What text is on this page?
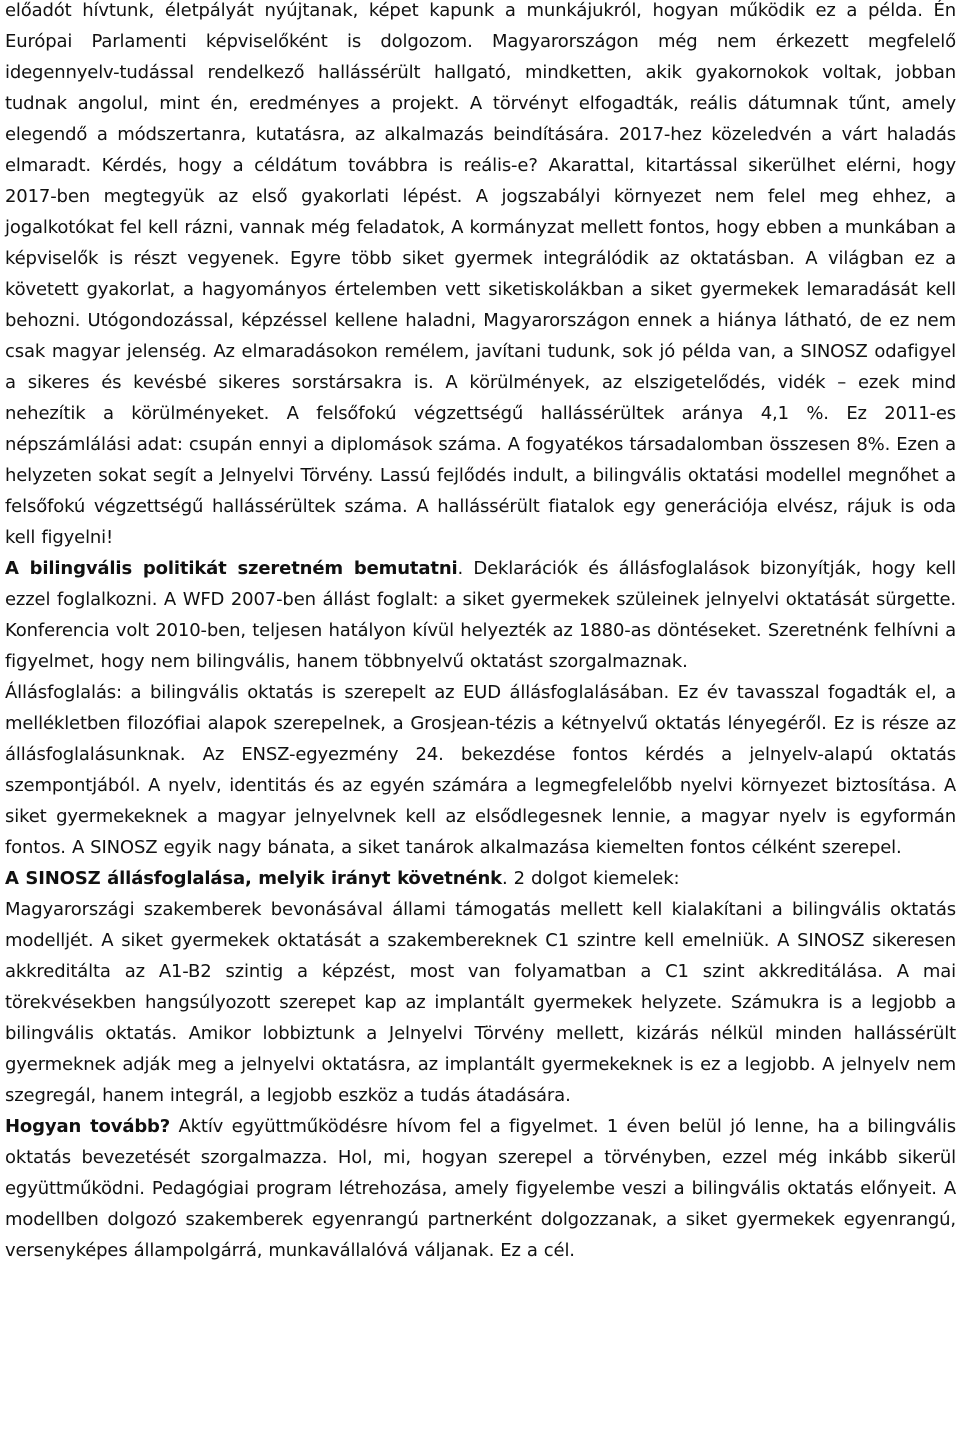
előadót hívtunk, életpályát nyújtanak, képet kapunk a munkájukról, hogyan működik ez a példa. Én Európai Parlamenti képviselőként is dolgozom. Magyarországon még nem érkezett megfelelő idegennyelv-tudással rendelkező hallássérült hallgató, mindketten, akik gyakornokok voltak, jobban tudnak angolul, mint én, eredményes a projekt. A törvényt elfogadták, reális dátumnak tűnt, amely elegendő a módszertanra, kutatásra, az alkalmazás beindítására. 2017-hez közeledvén a várt haladás elmaradt. Kérdés, hogy a céldátum továbbra is reális-e? Akarattal, kitartással sikerülhet elérni, hogy 2017-ben megtegyük az első gyakorlati lépést. A jogszabályi környezet nem felel meg ehhez, a jogalkotókat fel kell rázni, vannak még feladatok, A kormányzat mellett fontos, hogy ebben a munkában a képviselők is részt vegyenek. Egyre több siket gyermek integrálódik az oktatásban. A világban ez a követett gyakorlat, a hagyományos értelemben vett siketiskolákban a siket gyermekek lemaradását kell behozni. Utógondozással, képzéssel kellene haladni, Magyarországon ennek a hiánya látható, de ez nem csak magyar jelenség. Az elmaradásokon remélem, javítani tudunk, sok jó példa van, a SINOSZ odafigyel a sikeres és kevésbé sikeres sorstársakra is. A körülmények, az elszigetelődés, vidék – ezek mind nehezítik a körülményeket. A felsőfokú végzettségű hallássérültek aránya 4,1 %. Ez 2011-es népszámlálási adat: csupán ennyi a diplomások száma. A fogyatékos társadalomban összesen 8%. Ezen a helyzeten sokat segít a Jelnyelvi Törvény. Lassú fejlődés indult, a bilingvális oktatási modellel megnőhet a felsőfokú végzettségű hallássérültek száma. A hallássérült fiatalok egy generációja elvész, rájuk is oda kell figyelni!

A bilingvális politikát szeretném bemutatni. Deklarációk és állásfoglalások bizonyítják, hogy kell ezzel foglalkozni. A WFD 2007-ben állást foglalt: a siket gyermekek szüleinek jelnyelvi oktatását sürgette. Konferencia volt 2010-ben, teljesen hatályon kívül helyezték az 1880-as döntéseket. Szeretnénk felhívni a figyelmet, hogy nem bilingvális, hanem többnyelvű oktatást szorgalmaznak.

Állásfoglalás: a bilingvális oktatás is szerepelt az EUD állásfoglalásában. Ez év tavasszal fogadták el, a mellékletben filozófiai alapok szerepelnek, a Grosjean-tézis a kétnyelvű oktatás lényegéről. Ez is része az állásfoglalásunknak. Az ENSZ-egyezmény 24. bekezdése fontos kérdés a jelnyelv-alapú oktatás szempontjából. A nyelv, identitás és az egyén számára a legmegfelelőbb nyelvi környezet biztosítása. A siket gyermekeknek a magyar jelnyelvnek kell az elsődlegesnek lennie, a magyar nyelv is egyformán fontos. A SINOSZ egyik nagy bánata, a siket tanárok alkalmazása kiemelten fontos célként szerepel.

A SINOSZ állásfoglalása, melyik irányt követnénk. 2 dolgot kiemelek:

Magyarországi szakemberek bevonásával állami támogatás mellett kell kialakítani a bilingvális oktatás modelljét. A siket gyermekek oktatását a szakembereknek C1 szintre kell emelniük. A SINOSZ sikeresen akkreditálta az A1-B2 szintig a képzést, most van folyamatban a C1 szint akkreditálása. A mai törekvésekben hangsúlyozott szerepet kap az implantált gyermekek helyzete. Számukra is a legjobb a bilingvális oktatás. Amikor lobbiztunk a Jelnyelvi Törvény mellett, kizárás nélkül minden hallássérült gyermeknek adják meg a jelnyelvi oktatásra, az implantált gyermekeknek is ez a legjobb. A jelnyelv nem szegregál, hanem integrál, a legjobb eszköz a tudás átadására.

Hogyan tovább? Aktív együttműködésre hívom fel a figyelmet. 1 éven belül jó lenne, ha a bilingvális oktatás bevezetését szorgalmazza. Hol, mi, hogyan szerepel a törvényben, ezzel még inkább sikerül együttműködni. Pedagógiai program létrehozása, amely figyelembe veszi a bilingvális oktatás előnyeit. A modellben dolgozó szakemberek egyenrangú partnerként dolgozzanak, a siket gyermekek egyenrangú, versenyképes állampolgárrá, munkavállalóvá váljanak. Ez a cél.
